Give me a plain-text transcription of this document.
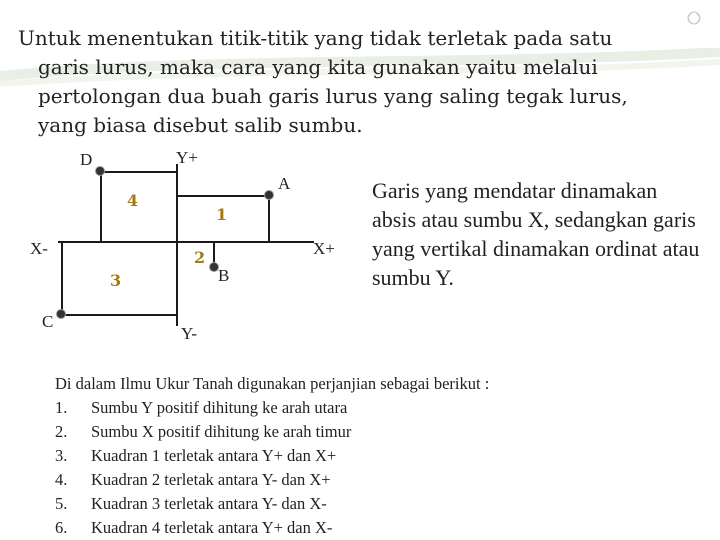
Untuk menentukan titik-titik yang tidak terletak pada satu garis lurus, maka cara yang kita gunakan yaitu melalui pertolongan dua buah garis lurus yang saling tegak lurus, yang biasa disebut salib sumbu.

D
A
C
B
Y+
Y-
X-	X+
1
2
3
4	Garis yang mendatar dinamakan absis atau sumbu X, sedangkan garis yang vertikal dinamakan ordinat atau sumbu Y.

Di dalam Ilmu Ukur Tanah digunakan perjanjian sebagai berikut :

1. Sumbu Y positif dihitung ke arah utara
2. Sumbu X positif dihitung ke arah timur
3. Kuadran 1 terletak antara Y+ dan X+
4. Kuadran 2 terletak antara Y- dan X+
5. Kuadran 3 terletak antara Y- dan X-
6. Kuadran 4 terletak antara Y+ dan X-
